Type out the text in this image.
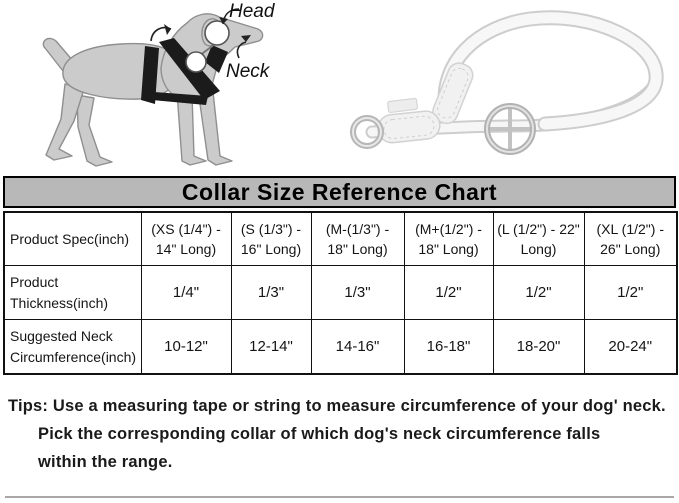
Head
Neck
Collar Size Reference Chart
Product Spec(inch)	(XS (1/4") - 14" Long)	(S (1/3") - 16" Long)	(M-(1/3") - 18" Long)	(M+(1/2") - 18" Long)	(L (1/2") - 22" Long)	(XL (1/2") - 26" Long)
Product Thickness(inch)	1/4"	1/3"	1/3"	1/2"	1/2"	1/2"
Suggested Neck Circumference(inch)	10-12"	12-14"	14-16"	16-18"	18-20"	20-24"
Tips: Use a measuring tape or string to measure circumference of your dog' neck.
Pick the corresponding collar of which dog's neck circumference falls
within the range.
